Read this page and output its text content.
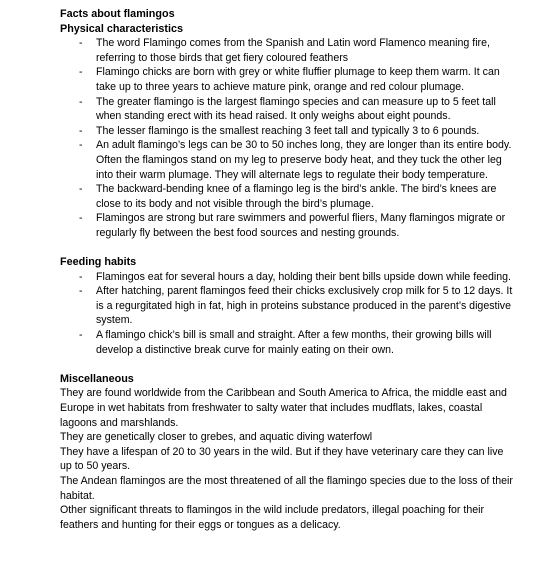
Facts about flamingos
Physical characteristics
- The word Flamingo comes from the Spanish and Latin word Flamenco meaning fire, referring to those birds that get fiery coloured feathers
- Flamingo chicks are born with grey or white fluffier plumage to keep them warm. It can take up to three years to achieve mature pink, orange and red colour plumage.
- The greater flamingo is the largest flamingo species and can measure up to 5 feet tall when standing erect with its head raised. It only weighs about eight pounds.
- The lesser flamingo is the smallest reaching 3 feet tall and typically 3 to 6 pounds.
- An adult flamingo’s legs can be 30 to 50 inches long, they are longer than its entire body. Often the flamingos stand on my leg to preserve body heat, and they tuck the other leg into their warm plumage. They will alternate legs to regulate their body temperature.
- The backward-bending knee of a flamingo leg is the bird’s ankle. The bird’s knees are close to its body and not visible through the bird’s plumage.
- Flamingos are strong but rare swimmers and powerful fliers, Many flamingos migrate or regularly fly between the best food sources and nesting grounds.
Feeding habits
- Flamingos eat for several hours a day, holding their bent bills upside down while feeding.
- After hatching, parent flamingos feed their chicks exclusively crop milk for 5 to 12 days. It is a regurgitated high in fat, high in proteins substance produced in the parent’s digestive system.
- A flamingo chick’s bill is small and straight. After a few months, their growing bills will develop a distinctive break curve for mainly eating on their own.
Miscellaneous

They are found worldwide from the Caribbean and South America to Africa, the middle east and Europe in wet habitats from freshwater to salty water that includes mudflats, lakes, coastal lagoons and marshlands.

They are genetically closer to grebes, and aquatic diving waterfowl

They have a lifespan of 20 to 30 years in the wild. But if they have veterinary care they can live up to 50 years.

The Andean flamingos are the most threatened of all the flamingo species due to the loss of their habitat.

Other significant threats to flamingos in the wild include predators, illegal poaching for their feathers and hunting for their eggs or tongues as a delicacy.
